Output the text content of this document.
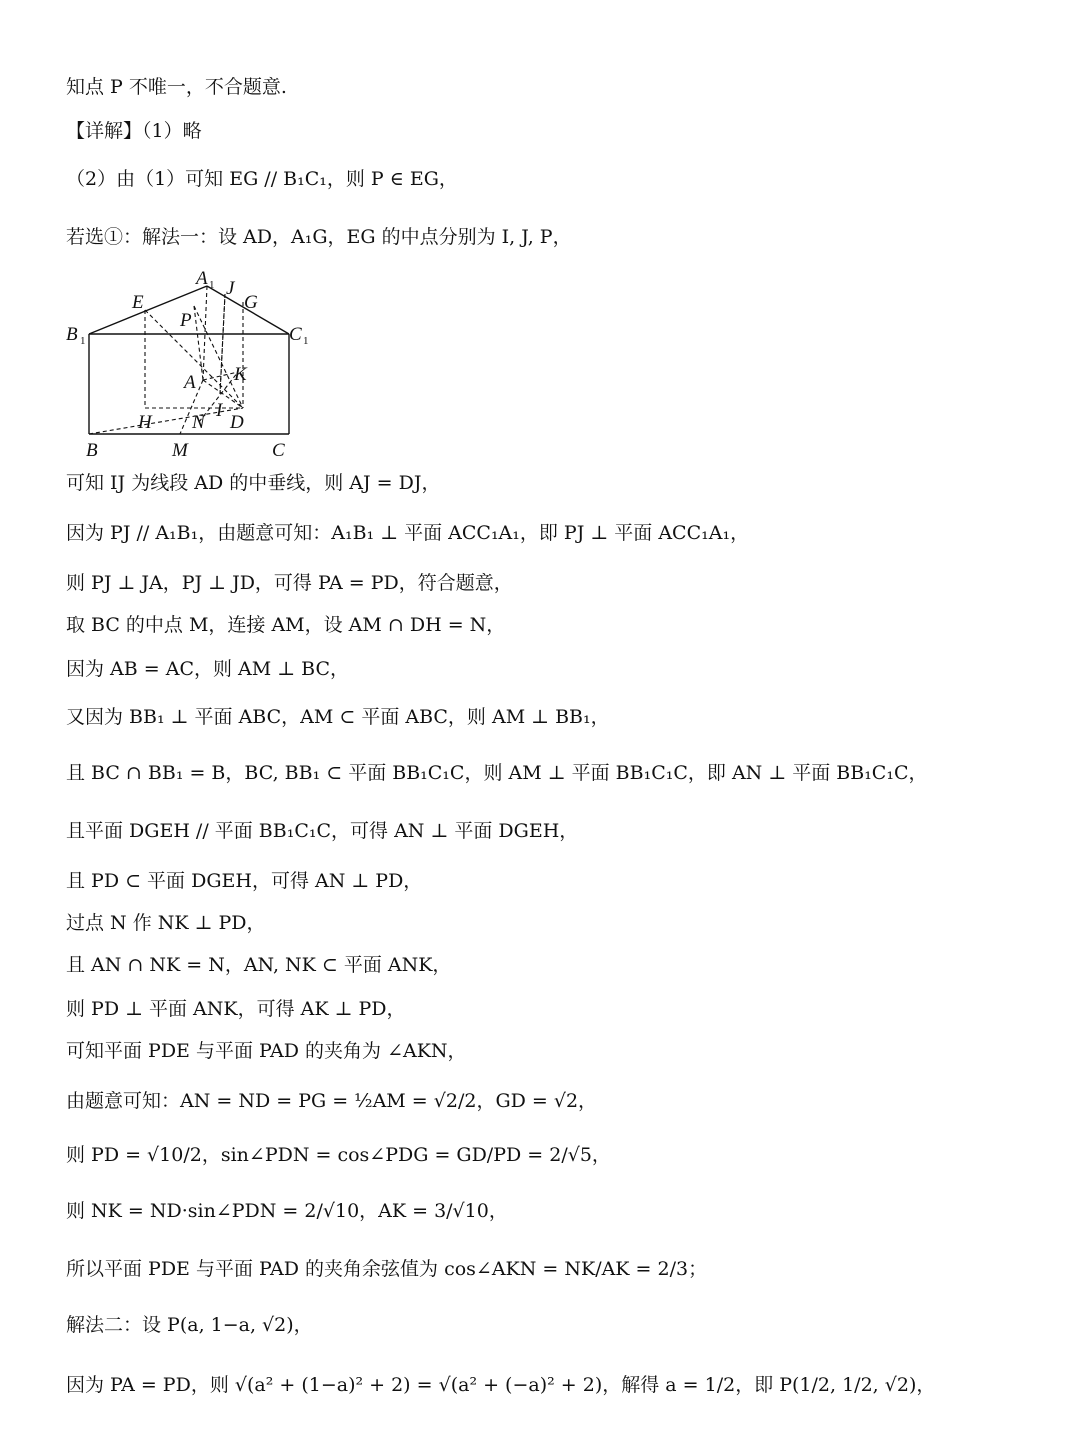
知点 P 不唯一，不合题意.
【详解】（1）略
（2）由（1）可知 EG // B₁C₁，则 P ∈ EG，
若选①：解法一：设 AD，A₁G，EG 的中点分别为 I, J, P，
可知 IJ 为线段 AD 的中垂线，则 AJ = DJ，
因为 PJ // A₁B₁，由题意可知：A₁B₁ ⊥ 平面 ACC₁A₁，即 PJ ⊥ 平面 ACC₁A₁，
则 PJ ⊥ JA，PJ ⊥ JD，可得 PA = PD，符合题意，
取 BC 的中点 M，连接 AM，设 AM ∩ DH = N，
因为 AB = AC，则 AM ⊥ BC，
又因为 BB₁ ⊥ 平面 ABC，AM ⊂ 平面 ABC，则 AM ⊥ BB₁，
且 BC ∩ BB₁ = B，BC, BB₁ ⊂ 平面 BB₁C₁C，则 AM ⊥ 平面 BB₁C₁C，即 AN ⊥ 平面 BB₁C₁C，
且平面 DGEH // 平面 BB₁C₁C，可得 AN ⊥ 平面 DGEH，
且 PD ⊂ 平面 DGEH，可得 AN ⊥ PD，
过点 N 作 NK ⊥ PD，
且 AN ∩ NK = N，AN, NK ⊂ 平面 ANK，
则 PD ⊥ 平面 ANK，可得 AK ⊥ PD，
可知平面 PDE 与平面 PAD 的夹角为 ∠AKN，
由题意可知：AN = ND = PG = ½AM = √2/2，GD = √2，
则 PD = √10/2，sin∠PDN = cos∠PDG = GD/PD = 2/√5，
则 NK = ND·sin∠PDN = 2/√10，AK = 3/√10，
所以平面 PDE 与平面 PAD 的夹角余弦值为 cos∠AKN = NK/AK = 2/3；
解法二：设 P(a, 1−a, √2)，
因为 PA = PD，则 √(a² + (1−a)² + 2) = √(a² + (−a)² + 2)，解得 a = 1/2，即 P(1/2, 1/2, √2)，
A 1 J
E	G
P
B 1	C 1
A K
I
H N D
B	M	C
